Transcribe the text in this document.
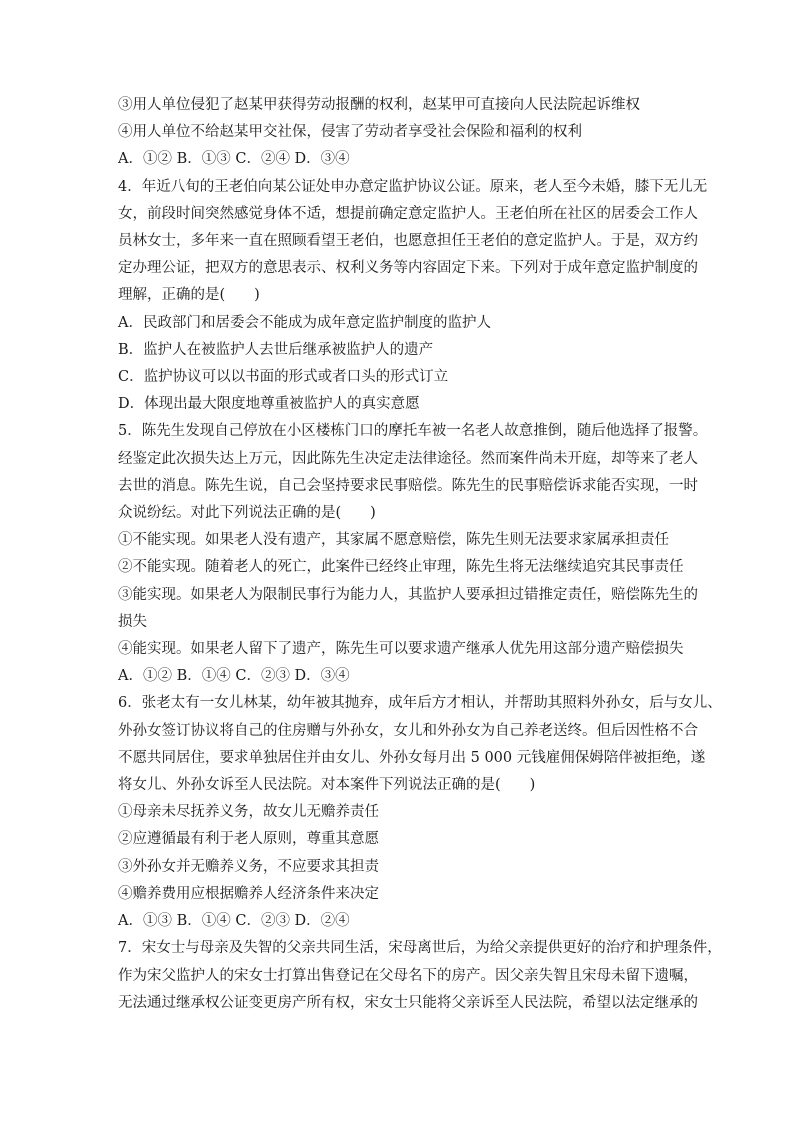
③用人单位侵犯了赵某甲获得劳动报酬的权利，赵某甲可直接向人民法院起诉维权
④用人单位不给赵某甲交社保，侵害了劳动者享受社会保险和福利的权利
A．①② B．①③ C．②④ D．③④
4．年近八旬的王老伯向某公证处申办意定监护协议公证。原来，老人至今未婚，膝下无儿无
女，前段时间突然感觉身体不适，想提前确定意定监护人。王老伯所在社区的居委会工作人
员林女士，多年来一直在照顾看望王老伯，也愿意担任王老伯的意定监护人。于是，双方约
定办理公证，把双方的意思表示、权利义务等内容固定下来。下列对于成年意定监护制度的
理解，正确的是(　　)
A．民政部门和居委会不能成为成年意定监护制度的监护人
B．监护人在被监护人去世后继承被监护人的遗产
C．监护协议可以以书面的形式或者口头的形式订立
D．体现出最大限度地尊重被监护人的真实意愿
5．陈先生发现自己停放在小区楼栋门口的摩托车被一名老人故意推倒，随后他选择了报警。
经鉴定此次损失达上万元，因此陈先生决定走法律途径。然而案件尚未开庭，却等来了老人
去世的消息。陈先生说，自己会坚持要求民事赔偿。陈先生的民事赔偿诉求能否实现，一时
众说纷纭。对此下列说法正确的是(　　)
①不能实现。如果老人没有遗产，其家属不愿意赔偿，陈先生则无法要求家属承担责任
②不能实现。随着老人的死亡，此案件已经终止审理，陈先生将无法继续追究其民事责任
③能实现。如果老人为限制民事行为能力人，其监护人要承担过错推定责任，赔偿陈先生的
损失
④能实现。如果老人留下了遗产，陈先生可以要求遗产继承人优先用这部分遗产赔偿损失
A．①② B．①④ C．②③ D．③④
6．张老太有一女儿林某，幼年被其抛弃，成年后方才相认，并帮助其照料外孙女，后与女儿、
外孙女签订协议将自己的住房赠与外孙女，女儿和外孙女为自己养老送终。但后因性格不合
不愿共同居住，要求单独居住并由女儿、外孙女每月出 5 000 元钱雇佣保姆陪伴被拒绝，遂
将女儿、外孙女诉至人民法院。对本案件下列说法正确的是(　　)
①母亲未尽抚养义务，故女儿无赡养责任
②应遵循最有利于老人原则，尊重其意愿
③外孙女并无赡养义务，不应要求其担责
④赡养费用应根据赡养人经济条件来决定
A．①③ B．①④ C．②③ D．②④
7．宋女士与母亲及失智的父亲共同生活，宋母离世后，为给父亲提供更好的治疗和护理条件，
作为宋父监护人的宋女士打算出售登记在父母名下的房产。因父亲失智且宋母未留下遗嘱，
无法通过继承权公证变更房产所有权，宋女士只能将父亲诉至人民法院，希望以法定继承的
